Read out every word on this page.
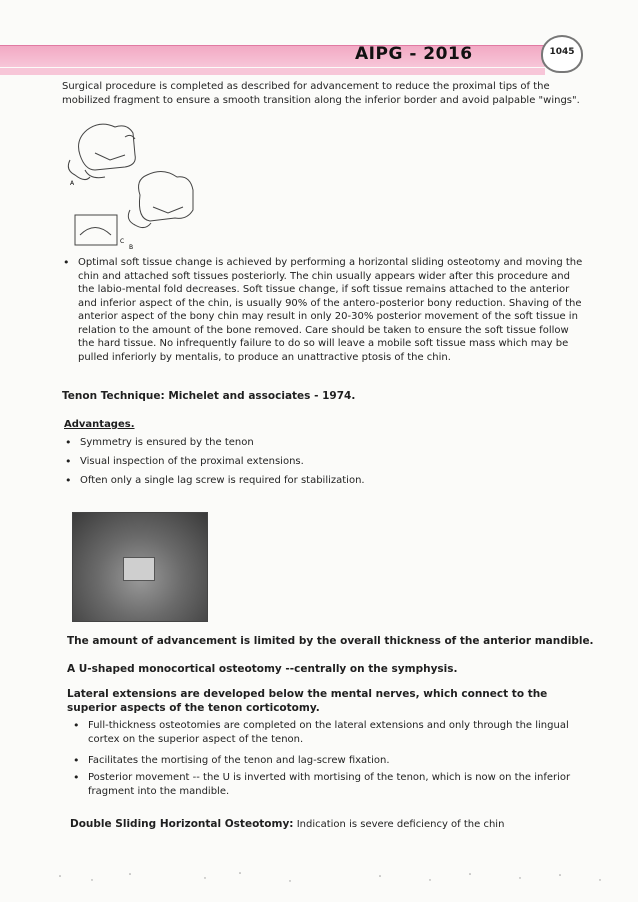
AIPG - 2016	1045
Surgical procedure is completed as described for advancement to reduce the proximal tips of the mobilized fragment to ensure a smooth transition along the inferior border and avoid palpable "wings".
A
C
B
• Optimal soft tissue change is achieved by performing a horizontal sliding osteotomy and moving the chin and attached soft tissues posteriorly. The chin usually appears wider after this procedure and the labio-mental fold decreases. Soft tissue change, if soft tissue remains attached to the anterior and inferior aspect of the chin, is usually 90% of the antero-posterior bony reduction. Shaving of the anterior aspect of the bony chin may result in only 20-30% posterior movement of the soft tissue in relation to the amount of the bone removed. Care should be taken to ensure the soft tissue follow the hard tissue. No infrequently failure to do so will leave a mobile soft tissue mass which may be pulled inferiorly by mentalis, to produce an unattractive ptosis of the chin.
Tenon Technique: Michelet and associates - 1974.
Advantages.
• Symmetry is ensured by the tenon
• Visual inspection of the proximal extensions.
• Often only a single lag screw is required for stabilization.
The amount of advancement is limited by the overall thickness of the anterior mandible.
A U-shaped monocortical osteotomy --centrally on the symphysis.
Lateral extensions are developed below the mental nerves, which connect to the superior aspects of the tenon corticotomy.
• Full-thickness osteotomies are completed on the lateral extensions and only through the lingual cortex on the superior aspect of the tenon.
• Facilitates the mortising of the tenon and lag-screw fixation.
• Posterior movement -- the U is inverted with mortising of the tenon, which is now on the inferior fragment into the mandible.
Double Sliding Horizontal Osteotomy: Indication is severe deficiency of the chin
